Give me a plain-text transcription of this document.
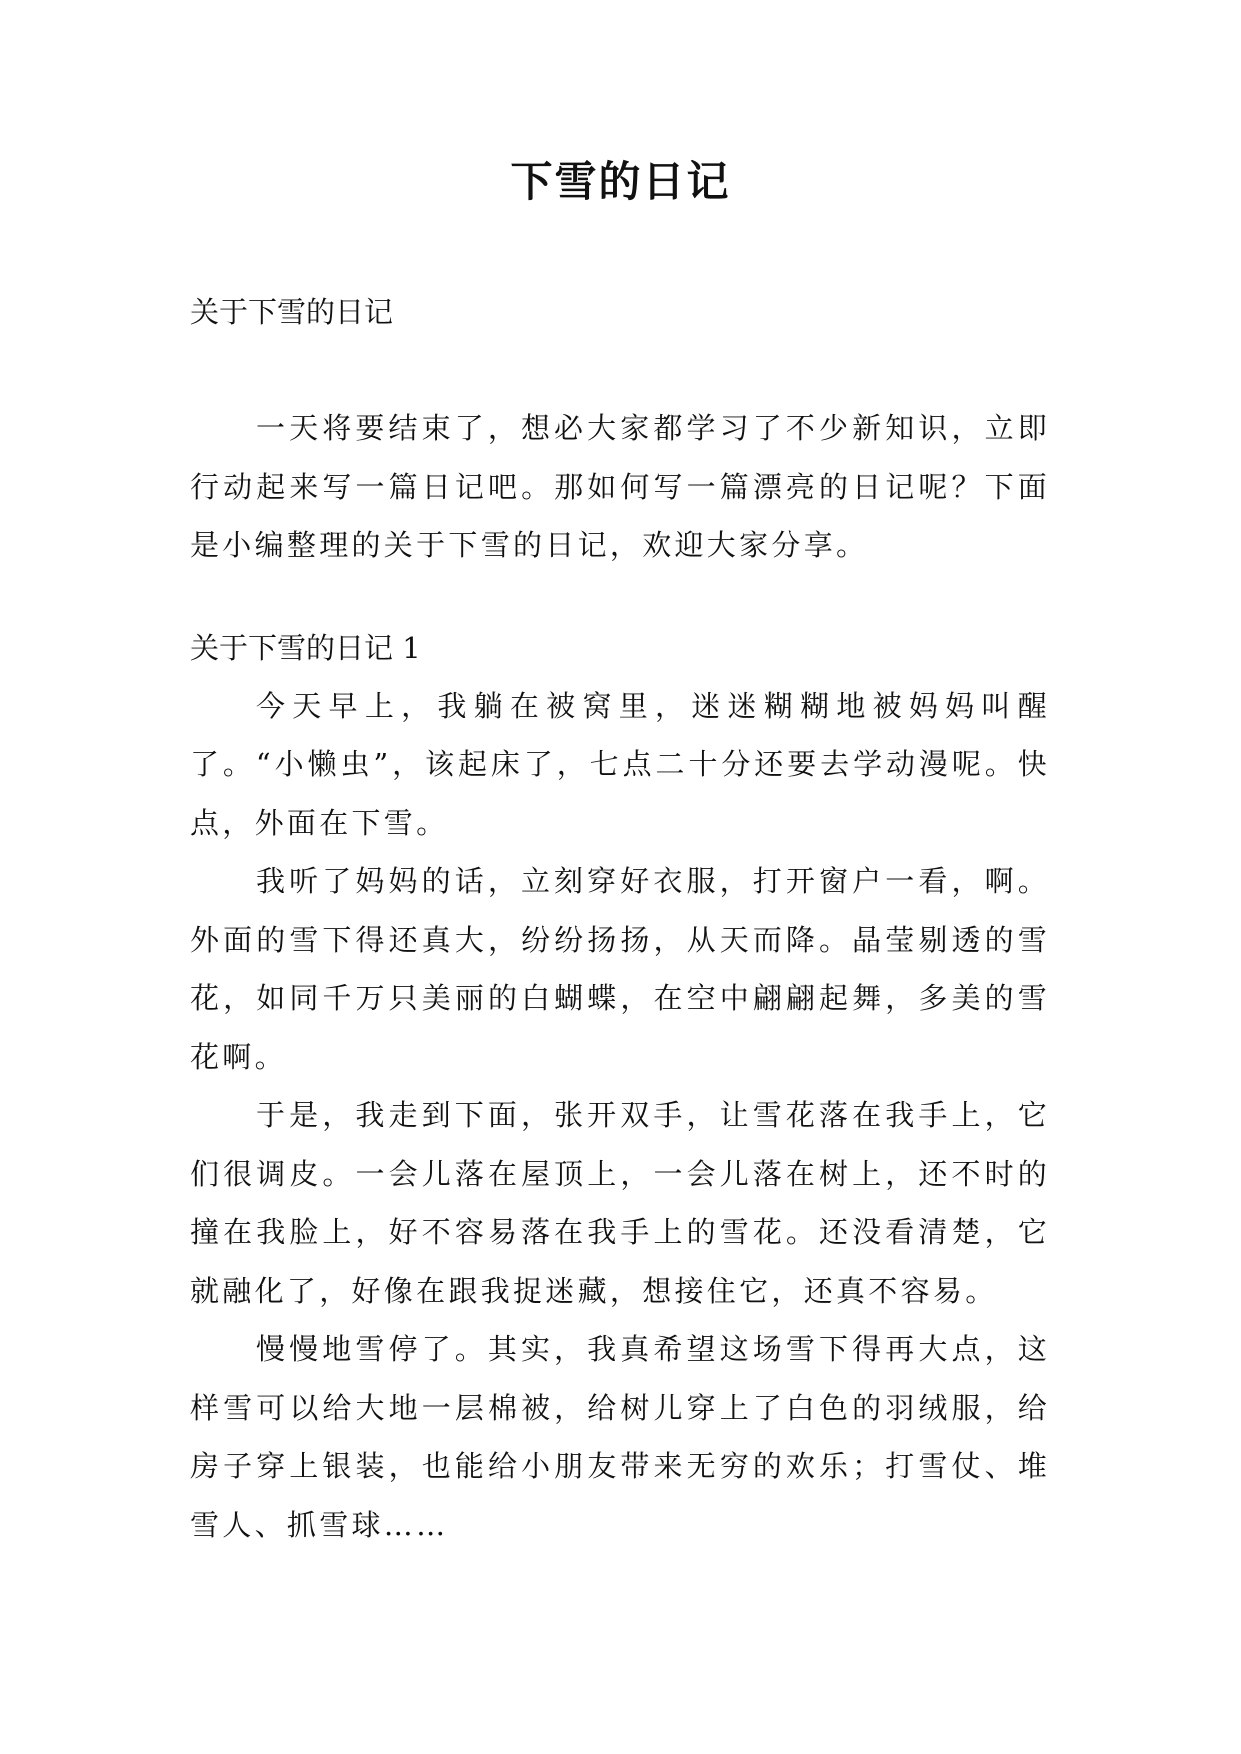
下雪的日记

关于下雪的日记

一天将要结束了，想必大家都学习了不少新知识，立即行动起来写一篇日记吧。那如何写一篇漂亮的日记呢？下面是小编整理的关于下雪的日记，欢迎大家分享。

关于下雪的日记 1

今天早上，我躺在被窝里，迷迷糊糊地被妈妈叫醒了。“小懒虫”，该起床了，七点二十分还要去学动漫呢。快点，外面在下雪。

我听了妈妈的话，立刻穿好衣服，打开窗户一看，啊。外面的雪下得还真大，纷纷扬扬，从天而降。晶莹剔透的雪花，如同千万只美丽的白蝴蝶，在空中翩翩起舞，多美的雪花啊。

于是，我走到下面，张开双手，让雪花落在我手上，它们很调皮。一会儿落在屋顶上，一会儿落在树上，还不时的撞在我脸上，好不容易落在我手上的雪花。还没看清楚，它就融化了，好像在跟我捉迷藏，想接住它，还真不容易。

慢慢地雪停了。其实，我真希望这场雪下得再大点，这样雪可以给大地一层棉被，给树儿穿上了白色的羽绒服，给房子穿上银装，也能给小朋友带来无穷的欢乐；打雪仗、堆雪人、抓雪球……
